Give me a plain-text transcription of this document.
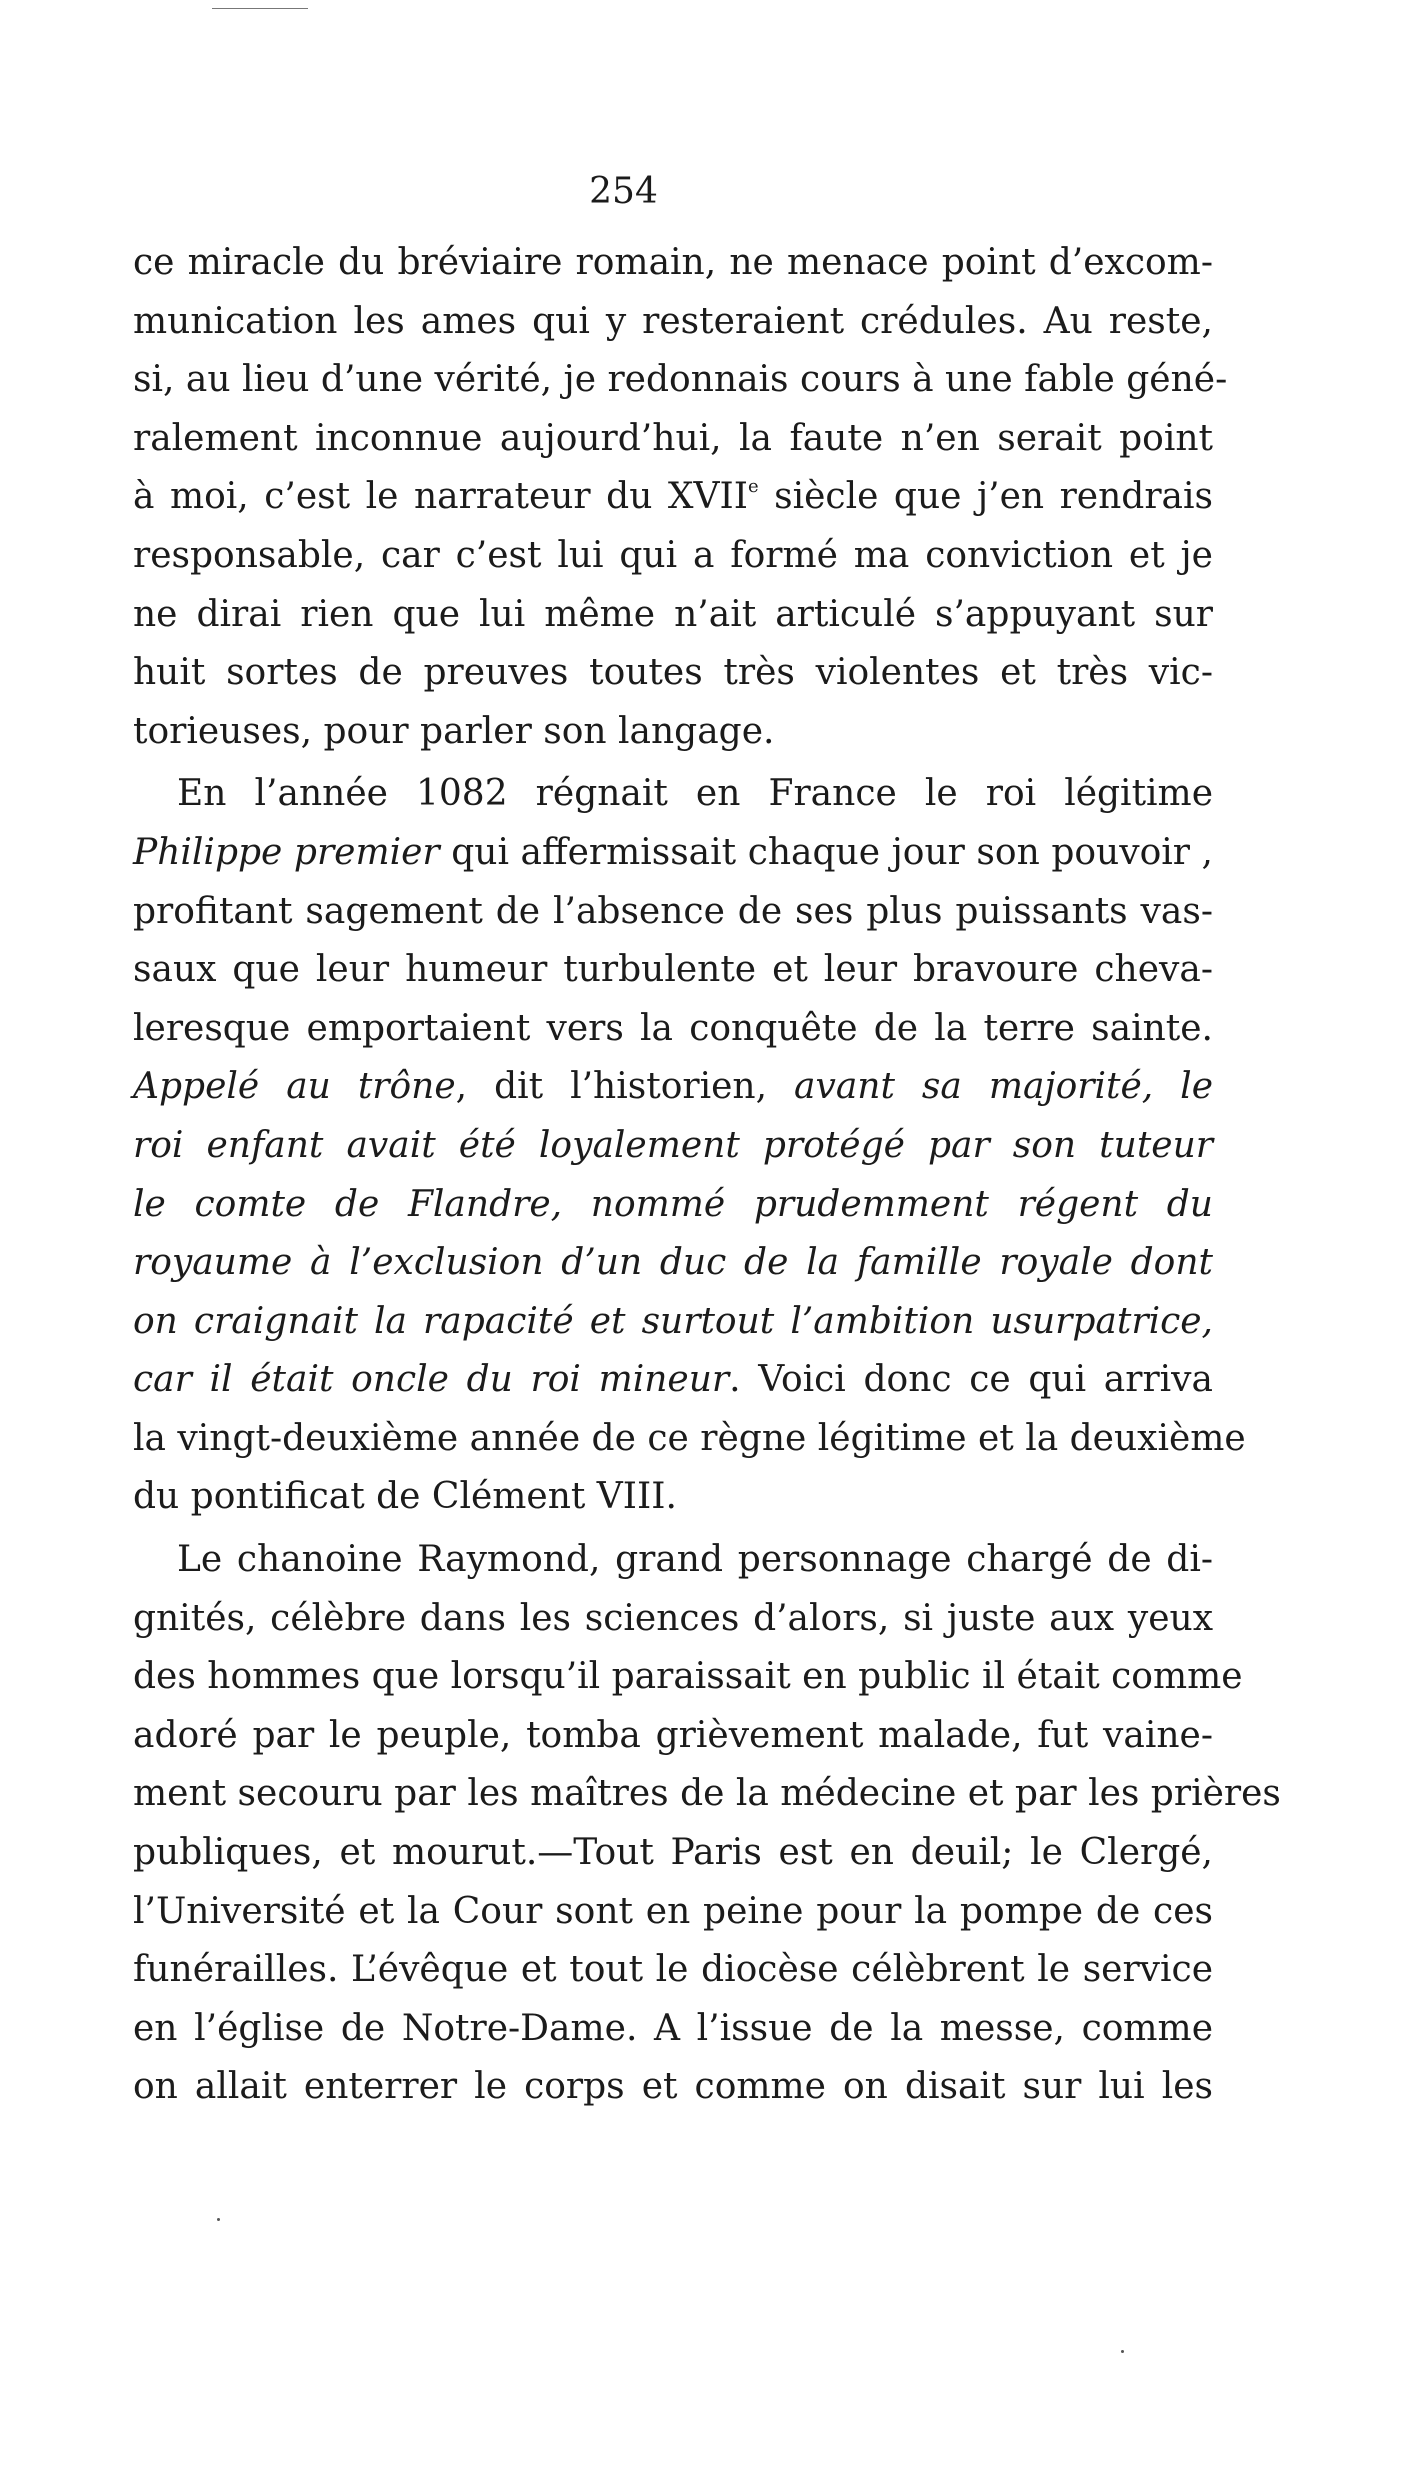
254

ce miracle du bréviaire romain, ne menace point d’excom-
munication les ames qui y resteraient crédules. Au reste,
si, au lieu d’une vérité, je redonnais cours à une fable géné-
ralement inconnue aujourd’hui, la faute n’en serait point
à moi, c’est le narrateur du XVIIe siècle que j’en rendrais
responsable, car c’est lui qui a formé ma conviction et je
ne dirai rien que lui même n’ait articulé s’appuyant sur
huit sortes de preuves toutes très violentes et très vic-
torieuses, pour parler son langage.

En l’année 1082 régnait en France le roi légitime
Philippe premier qui affermissait chaque jour son pouvoir ,
profitant sagement de l’absence de ses plus puissants vas-
saux que leur humeur turbulente et leur bravoure cheva-
leresque emportaient vers la conquête de la terre sainte.
Appelé au trône, dit l’historien, avant sa majorité, le
roi enfant avait été loyalement protégé par son tuteur
le comte de Flandre, nommé prudemment régent du
royaume à l’exclusion d’un duc de la famille royale dont
on craignait la rapacité et surtout l’ambition usurpatrice,
car il était oncle du roi mineur. Voici donc ce qui arriva
la vingt-deuxième année de ce règne légitime et la deuxième
du pontificat de Clément VIII.

Le chanoine Raymond, grand personnage chargé de di-
gnités, célèbre dans les sciences d’alors, si juste aux yeux
des hommes que lorsqu’il paraissait en public il était comme
adoré par le peuple, tomba grièvement malade, fut vaine-
ment secouru par les maîtres de la médecine et par les prières
publiques, et mourut.—Tout Paris est en deuil; le Clergé,
l’Université et la Cour sont en peine pour la pompe de ces
funérailles. L’évêque et tout le diocèse célèbrent le service
en l’église de Notre-Dame. A l’issue de la messe, comme
on allait enterrer le corps et comme on disait sur lui les
